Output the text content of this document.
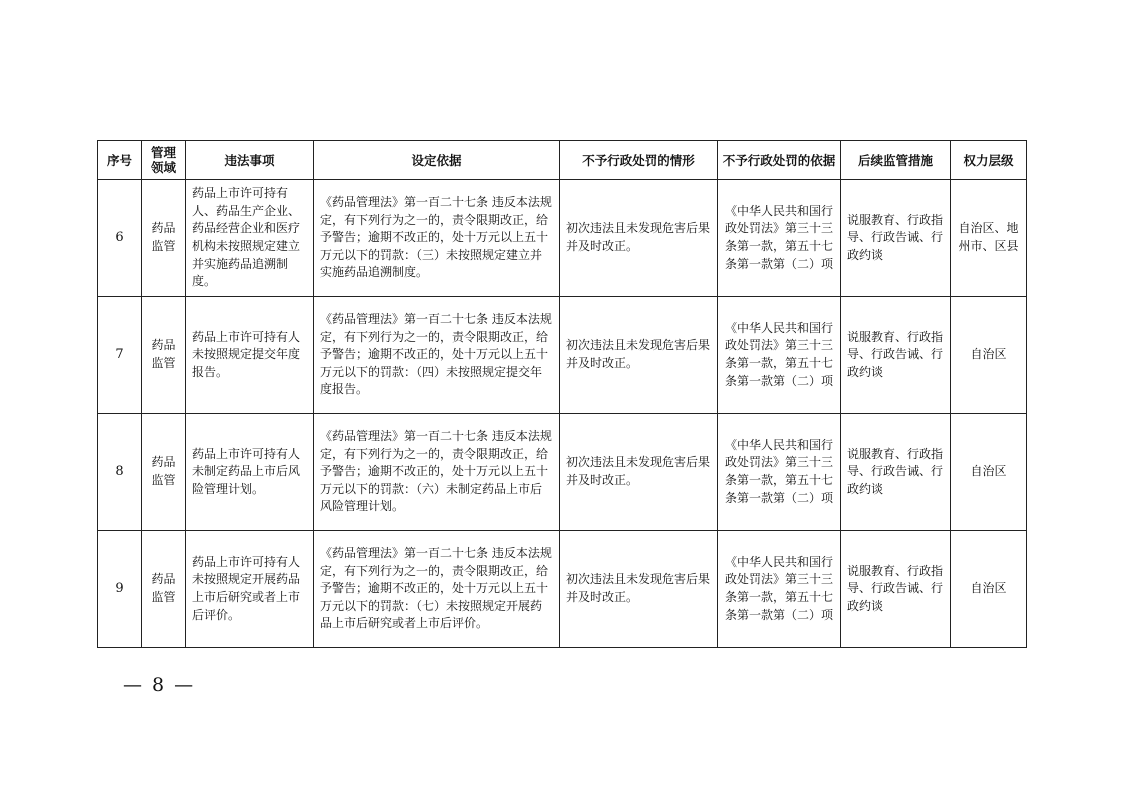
序号	管理领域	违法事项	设定依据	不予行政处罚的情形	不予行政处罚的依据	后续监管措施	权力层级
6	药品监管	药品上市许可持有人、药品生产企业、药品经营企业和医疗机构未按照规定建立并实施药品追溯制度。	《药品管理法》第一百二十七条 违反本法规定，有下列行为之一的，责令限期改正，给予警告；逾期不改正的，处十万元以上五十万元以下的罚款：（三）未按照规定建立并实施药品追溯制度。	初次违法且未发现危害后果并及时改正。	《中华人民共和国行政处罚法》第三十三条第一款，第五十七条第一款第（二）项	说服教育、行政指导、行政告诫、行政约谈	自治区、地州市、区县
7	药品监管	药品上市许可持有人未按照规定提交年度报告。	《药品管理法》第一百二十七条 违反本法规定，有下列行为之一的，责令限期改正，给予警告；逾期不改正的，处十万元以上五十万元以下的罚款：（四）未按照规定提交年度报告。	初次违法且未发现危害后果并及时改正。	《中华人民共和国行政处罚法》第三十三条第一款，第五十七条第一款第（二）项	说服教育、行政指导、行政告诫、行政约谈	自治区
8	药品监管	药品上市许可持有人未制定药品上市后风险管理计划。	《药品管理法》第一百二十七条 违反本法规定，有下列行为之一的，责令限期改正，给予警告；逾期不改正的，处十万元以上五十万元以下的罚款：（六）未制定药品上市后风险管理计划。	初次违法且未发现危害后果并及时改正。	《中华人民共和国行政处罚法》第三十三条第一款，第五十七条第一款第（二）项	说服教育、行政指导、行政告诫、行政约谈	自治区
9	药品监管	药品上市许可持有人未按照规定开展药品上市后研究或者上市后评价。	《药品管理法》第一百二十七条 违反本法规定，有下列行为之一的，责令限期改正，给予警告；逾期不改正的，处十万元以上五十万元以下的罚款：（七）未按照规定开展药品上市后研究或者上市后评价。	初次违法且未发现危害后果并及时改正。	《中华人民共和国行政处罚法》第三十三条第一款，第五十七条第一款第（二）项	说服教育、行政指导、行政告诫、行政约谈	自治区
— 8 —
